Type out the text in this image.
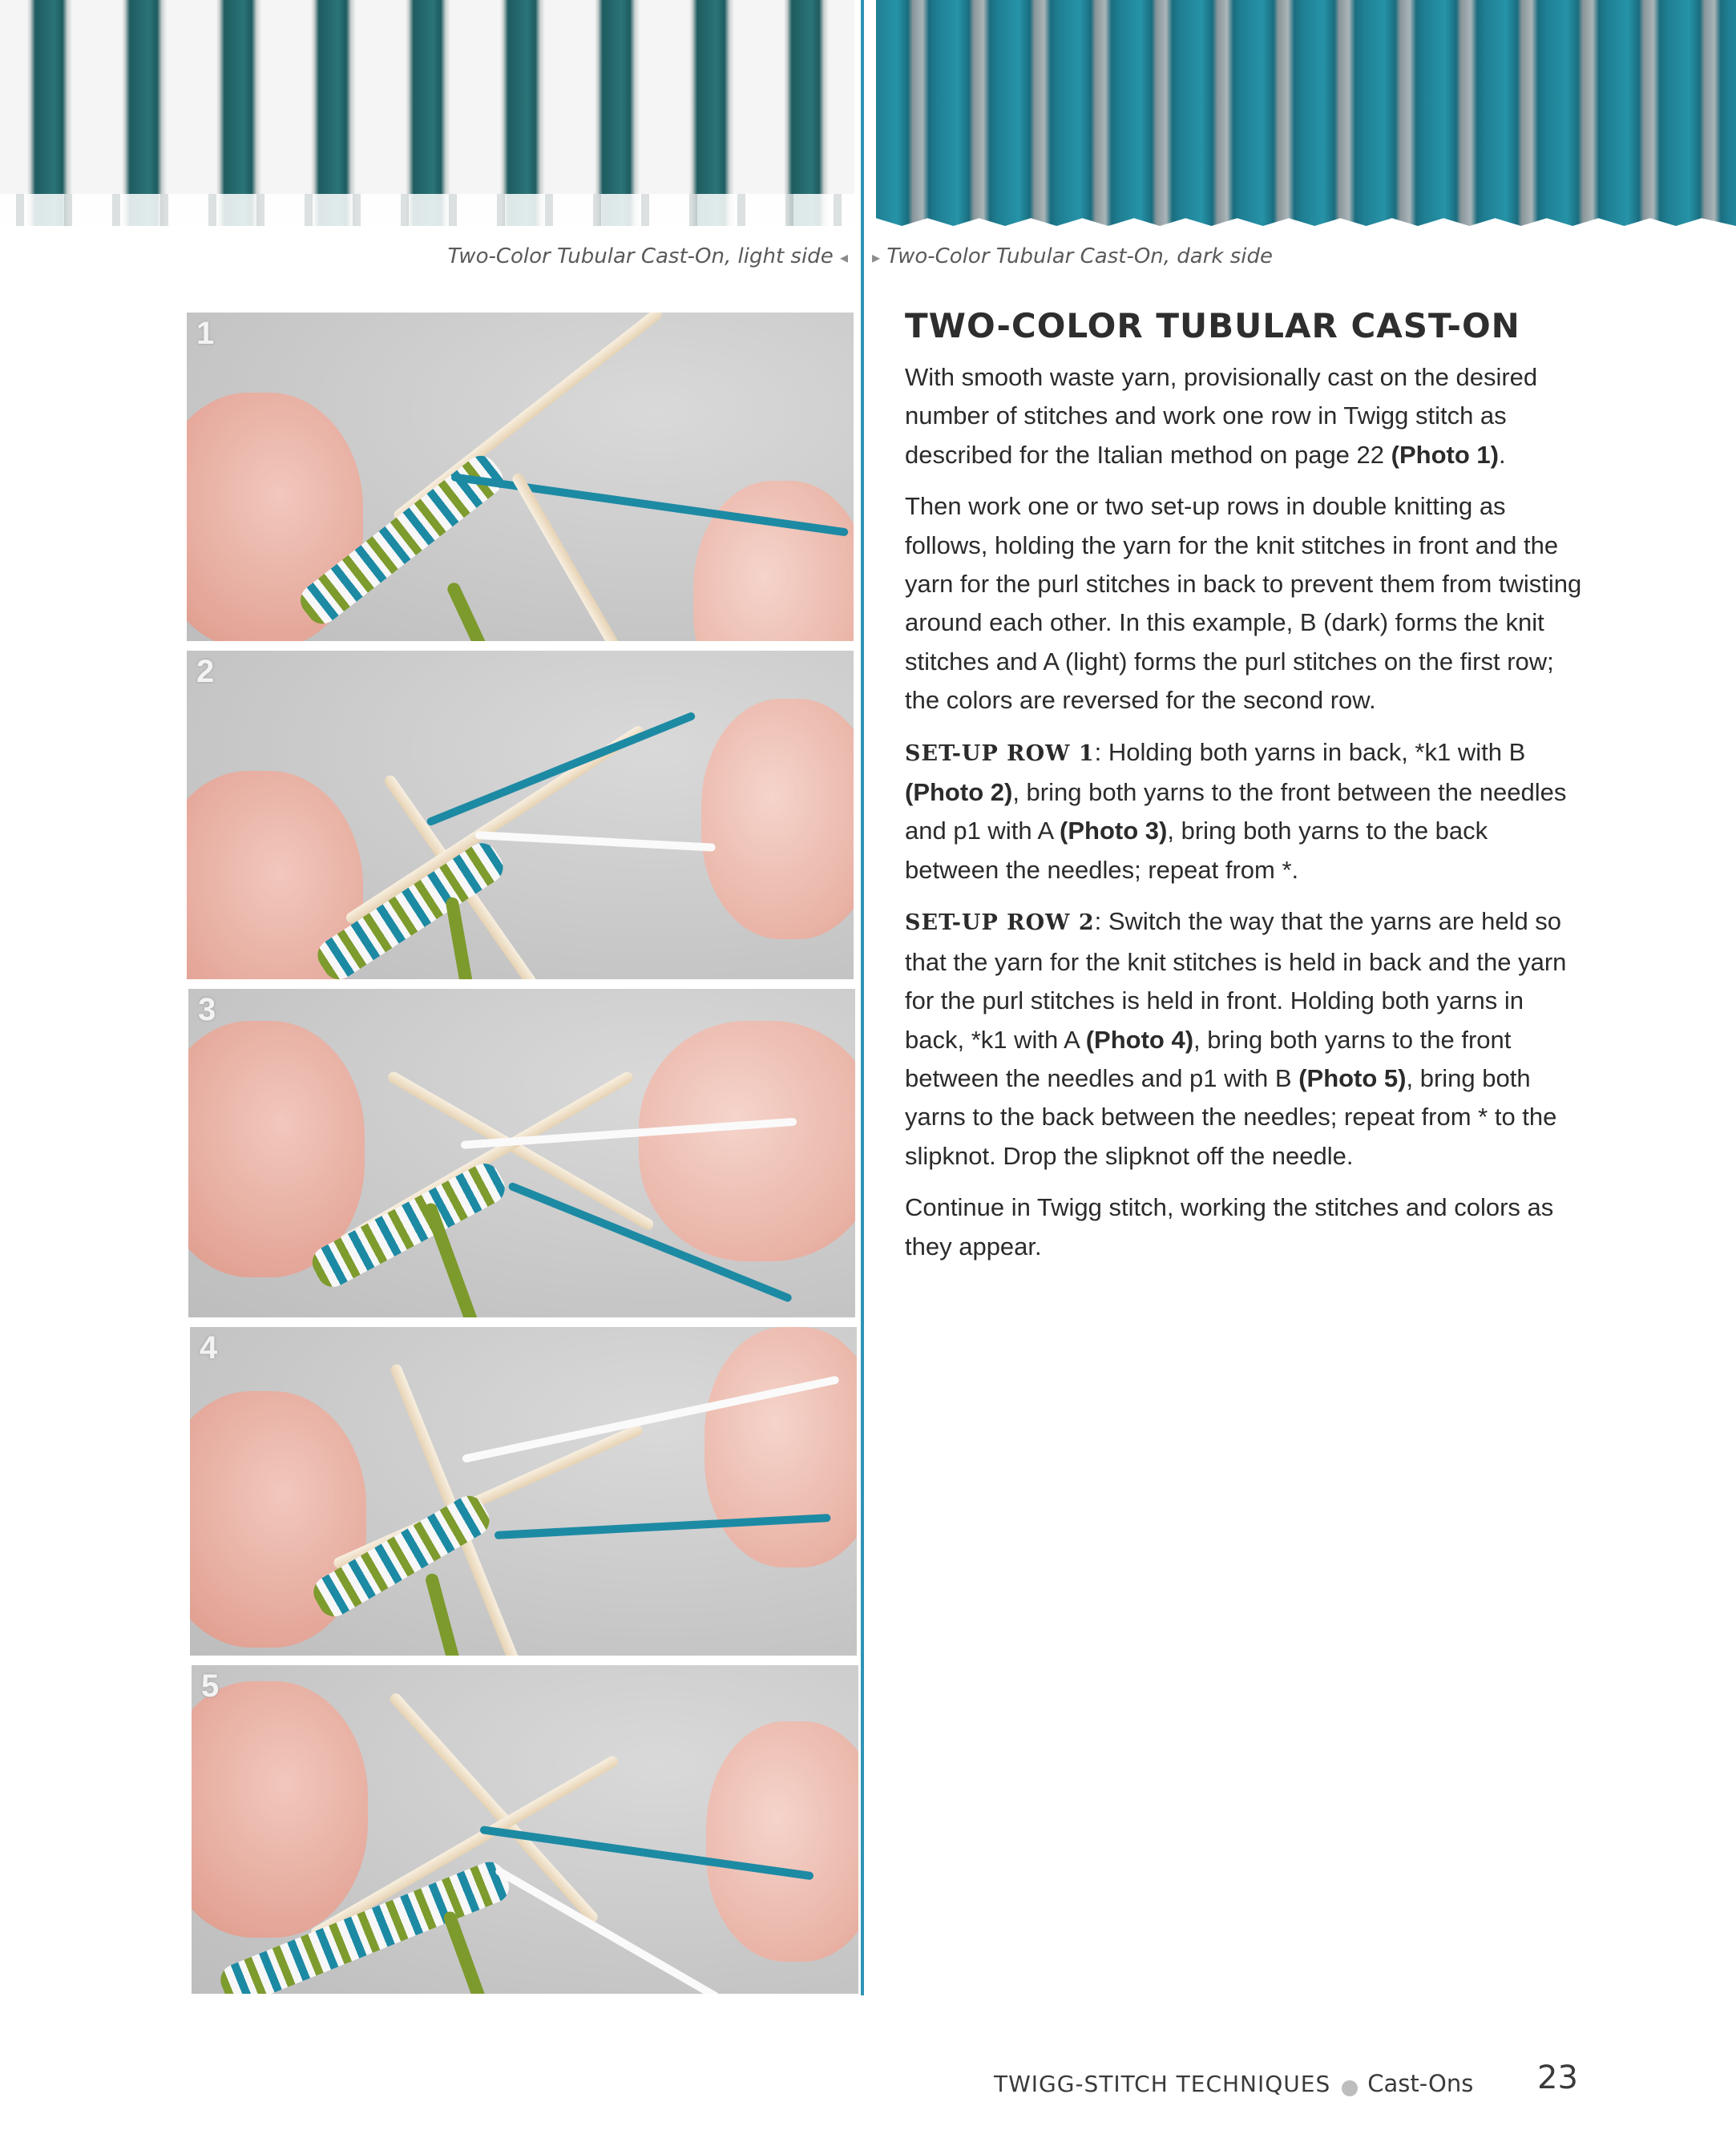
Two-Color Tubular Cast-On, light side ◂ ▸ Two-Color Tubular Cast-On, dark side
1
2
3
4
5
TWO-COLOR TUBULAR CAST-ON

With smooth waste yarn, provisionally cast on the desired number of stitches and work one row in Twigg stitch as described for the Italian method on page 22 (Photo 1).

Then work one or two set-up rows in double knitting as follows, holding the yarn for the knit stitches in front and the yarn for the purl stitches in back to prevent them from twisting around each other. In this example, B (dark) forms the knit stitches and A (light) forms the purl stitches on the first row; the colors are reversed for the second row.

SET-UP ROW 1: Holding both yarns in back, *k1 with B (Photo 2), bring both yarns to the front between the needles and p1 with A (Photo 3), bring both yarns to the back between the needles; repeat from *.

SET-UP ROW 2: Switch the way that the yarns are held so that the yarn for the knit stitches is held in back and the yarn for the purl stitches is held in front. Holding both yarns in back, *k1 with A (Photo 4), bring both yarns to the front between the needles and p1 with B (Photo 5), bring both yarns to the back between the needles; repeat from * to the slipknot. Drop the slipknot off the needle.

Continue in Twigg stitch, working the stitches and colors as they appear.

TWIGG-STITCH TECHNIQUES Cast-Ons 23
